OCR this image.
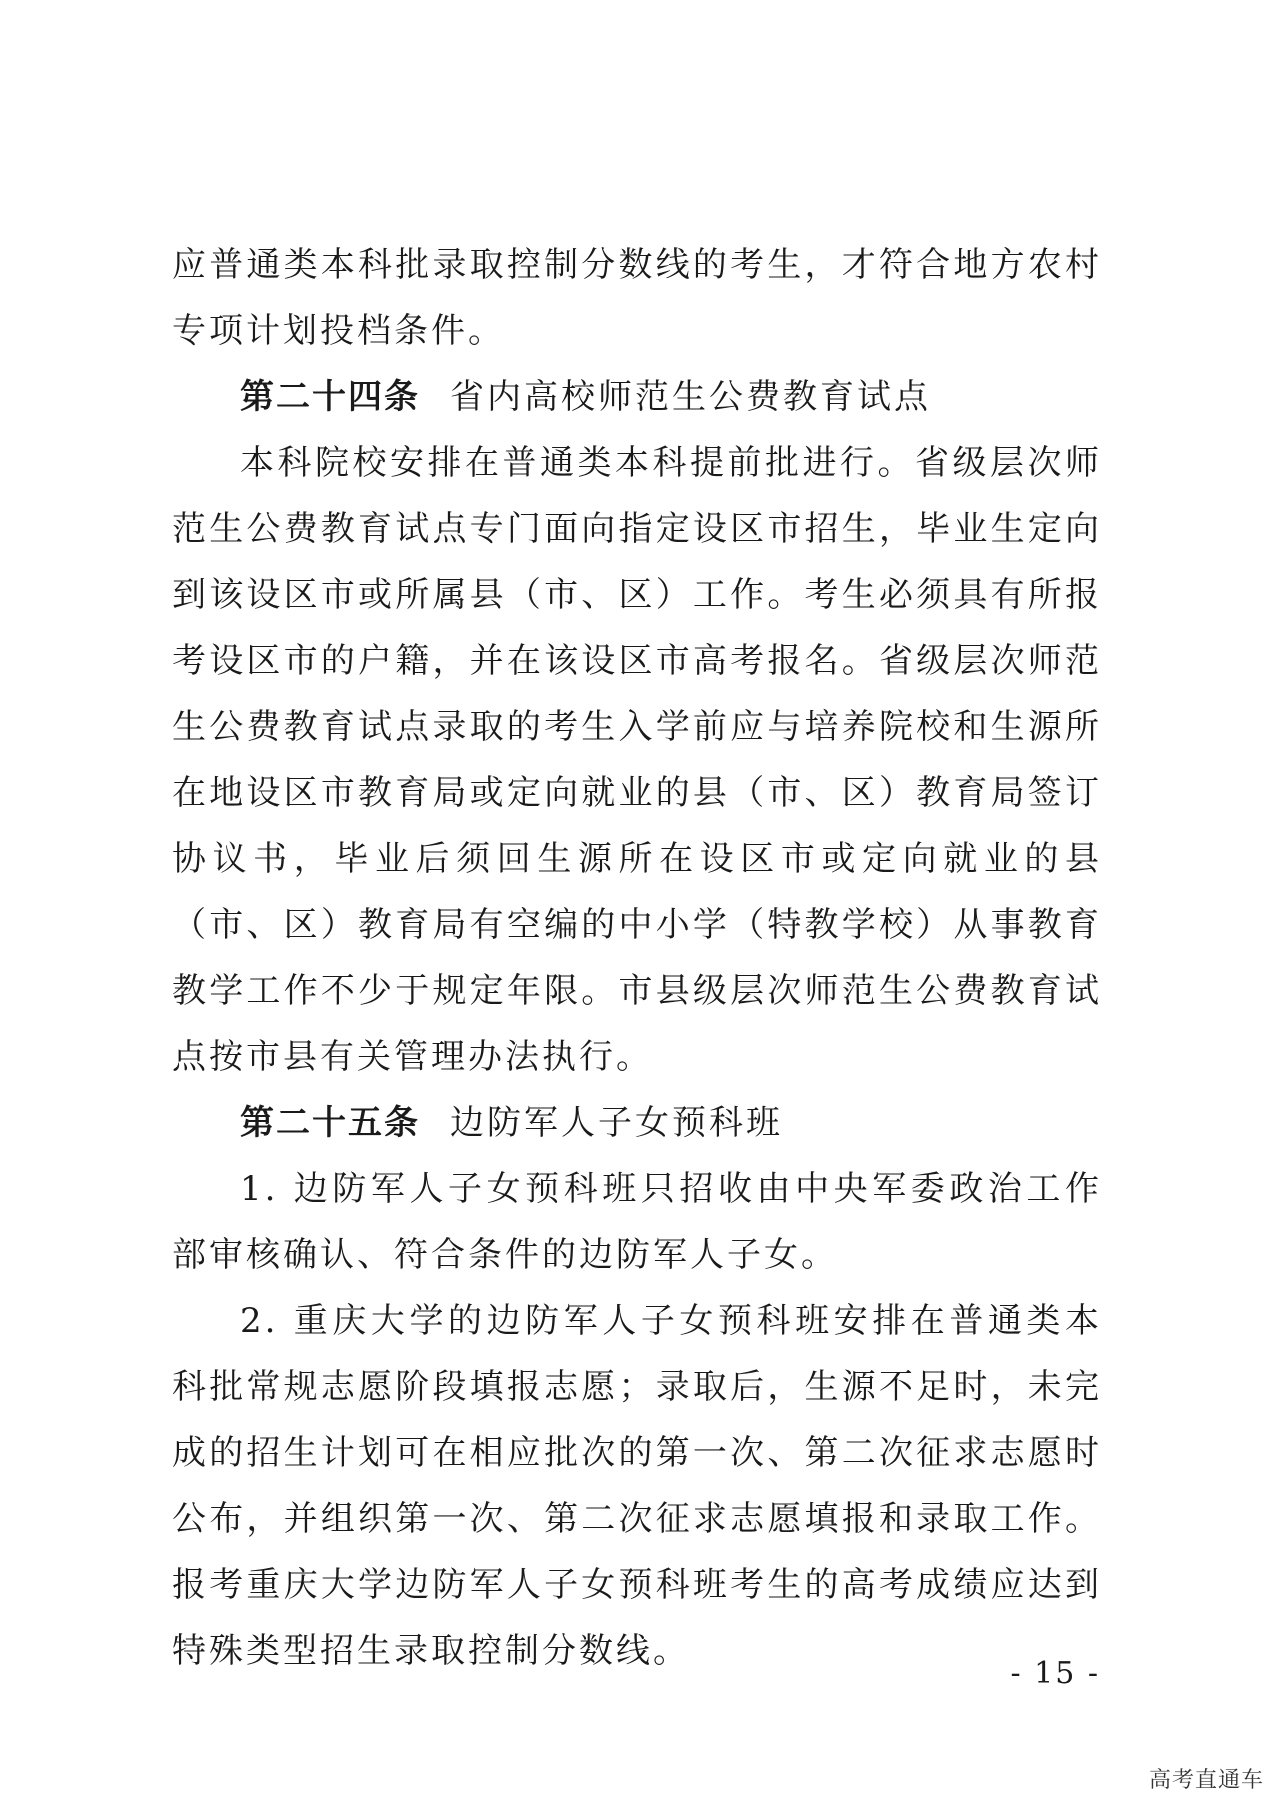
应普通类本科批录取控制分数线的考生，才符合地方农村专项计划投档条件。

第二十四条 省内高校师范生公费教育试点

本科院校安排在普通类本科提前批进行。省级层次师范生公费教育试点专门面向指定设区市招生，毕业生定向到该设区市或所属县（市、区）工作。考生必须具有所报考设区市的户籍，并在该设区市高考报名。省级层次师范生公费教育试点录取的考生入学前应与培养院校和生源所在地设区市教育局或定向就业的县（市、区）教育局签订协议书，毕业后须回生源所在设区市或定向就业的县（市、区）教育局有空编的中小学（特教学校）从事教育教学工作不少于规定年限。市县级层次师范生公费教育试点按市县有关管理办法执行。

第二十五条 边防军人子女预科班

1. 边防军人子女预科班只招收由中央军委政治工作部审核确认、符合条件的边防军人子女。

2. 重庆大学的边防军人子女预科班安排在普通类本科批常规志愿阶段填报志愿；录取后，生源不足时，未完成的招生计划可在相应批次的第一次、第二次征求志愿时公布，并组织第一次、第二次征求志愿填报和录取工作。报考重庆大学边防军人子女预科班考生的高考成绩应达到特殊类型招生录取控制分数线。

- 15 -
高考直通车
